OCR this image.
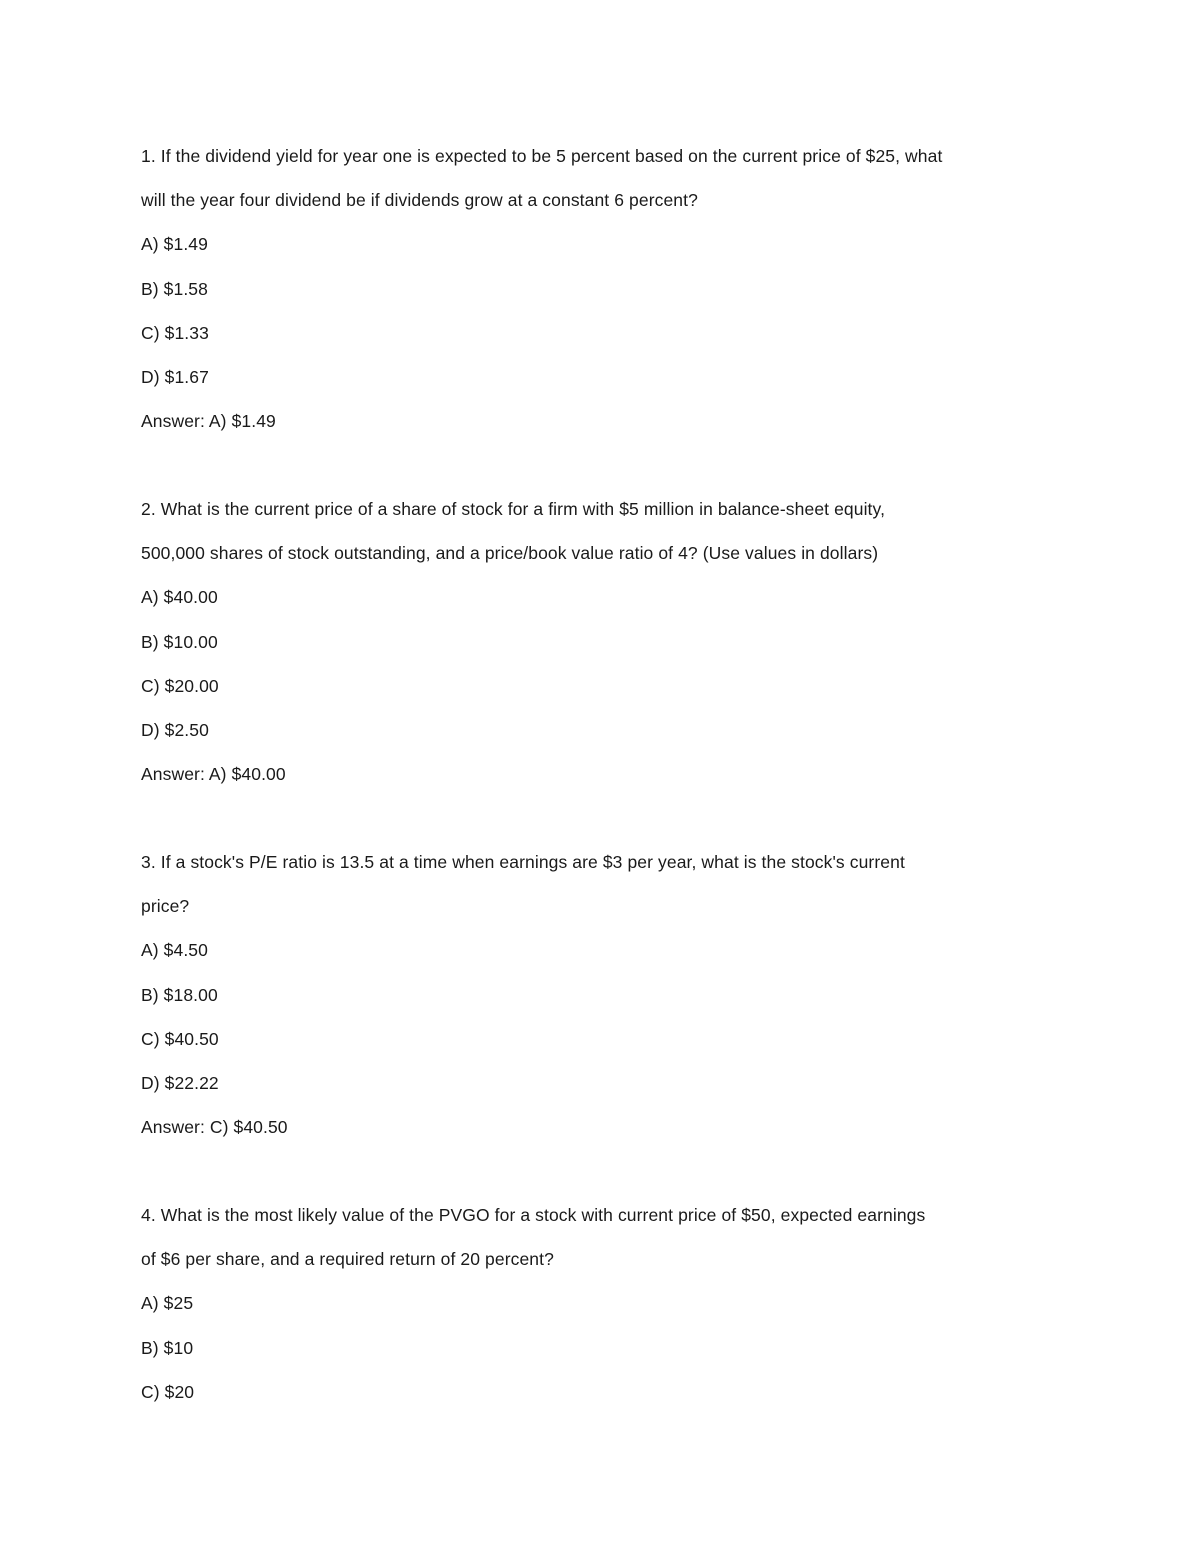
1. If the dividend yield for year one is expected to be 5 percent based on the current price of $25, what
will the year four dividend be if dividends grow at a constant 6 percent?
A) $1.49
B) $1.58
C) $1.33
D) $1.67
Answer: A) $1.49
2. What is the current price of a share of stock for a firm with $5 million in balance-sheet equity,
500,000 shares of stock outstanding, and a price/book value ratio of 4? (Use values in dollars)
A) $40.00
B) $10.00
C) $20.00
D) $2.50
Answer: A) $40.00
3. If a stock's P/E ratio is 13.5 at a time when earnings are $3 per year, what is the stock's current
price?
A) $4.50
B) $18.00
C) $40.50
D) $22.22
Answer: C) $40.50
4. What is the most likely value of the PVGO for a stock with current price of $50, expected earnings
of $6 per share, and a required return of 20 percent?
A) $25
B) $10
C) $20
